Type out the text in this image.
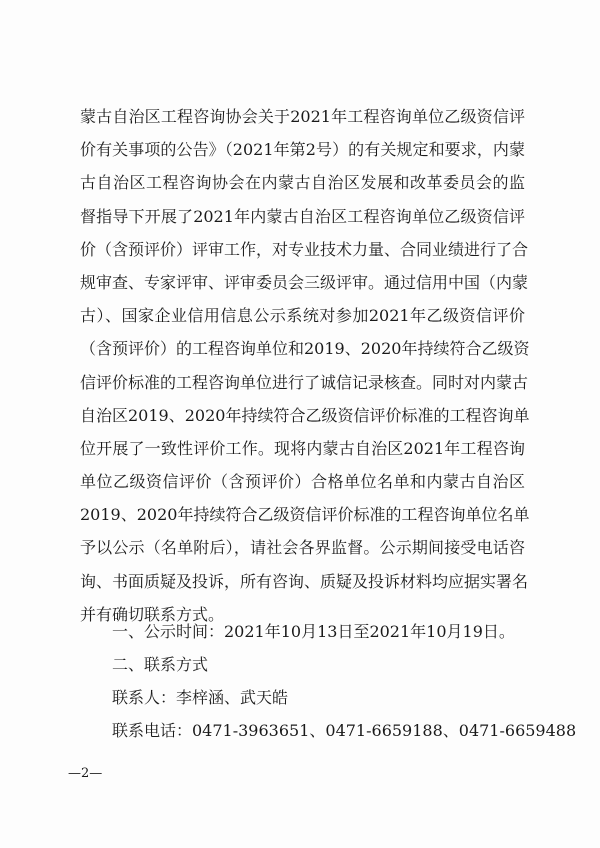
蒙古自治区工程咨询协会关于2021年工程咨询单位乙级资信评
价有关事项的公告》（2021年第2号）的有关规定和要求，内蒙
古自治区工程咨询协会在内蒙古自治区发展和改革委员会的监
督指导下开展了2021年内蒙古自治区工程咨询单位乙级资信评
价（含预评价）评审工作，对专业技术力量、合同业绩进行了合
规审查、专家评审、评审委员会三级评审。通过信用中国（内蒙
古）、国家企业信用信息公示系统对参加2021年乙级资信评价
（含预评价）的工程咨询单位和2019、2020年持续符合乙级资
信评价标准的工程咨询单位进行了诚信记录核查。同时对内蒙古
自治区2019、2020年持续符合乙级资信评价标准的工程咨询单
位开展了一致性评价工作。现将内蒙古自治区2021年工程咨询
单位乙级资信评价（含预评价）合格单位名单和内蒙古自治区
2019、2020年持续符合乙级资信评价标准的工程咨询单位名单
予以公示（名单附后），请社会各界监督。公示期间接受电话咨
询、书面质疑及投诉，所有咨询、质疑及投诉材料均应据实署名
并有确切联系方式。
一、公示时间：2021年10月13日至2021年10月19日。
二、联系方式
联系人：李梓涵、武天皓
联系电话：0471-3963651、0471-6659188、0471-6659488
—2—
